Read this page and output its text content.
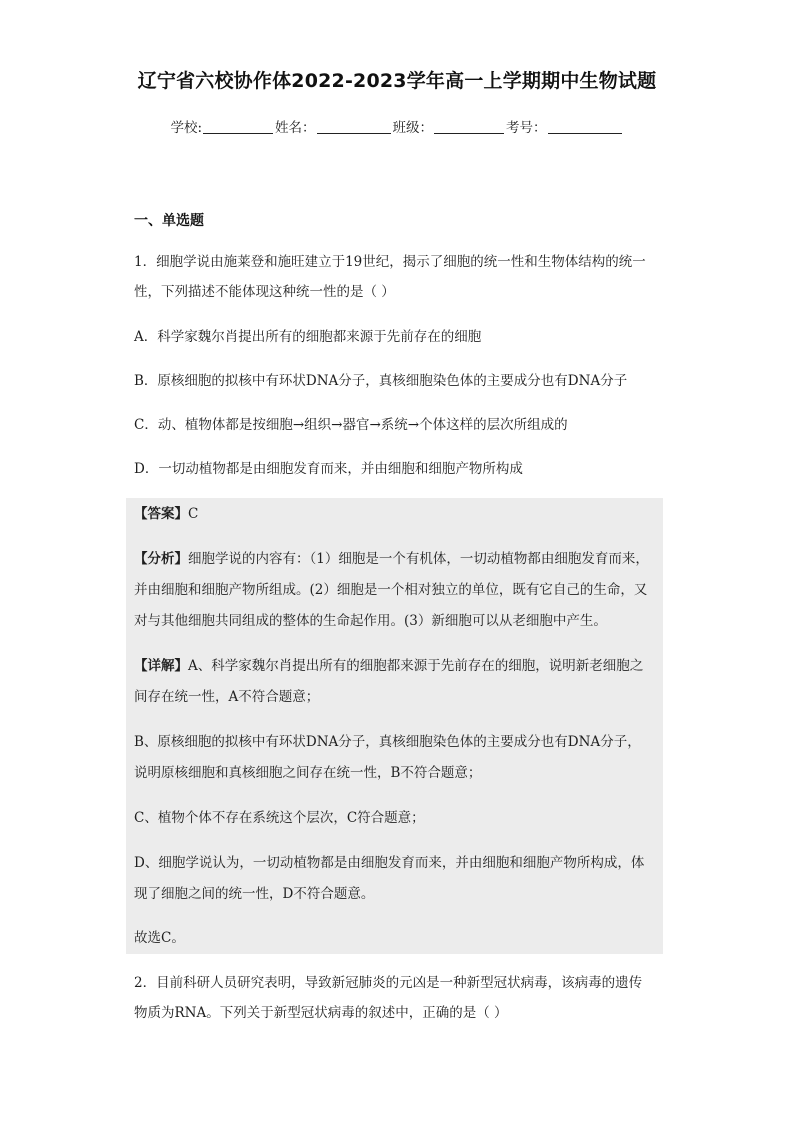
辽宁省六校协作体2022-2023学年高一上学期期中生物试题
学校:	姓名：	班级：	考号：
一、单选题
1．细胞学说由施莱登和施旺建立于19世纪，揭示了细胞的统一性和生物体结构的统一
性，下列描述不能体现这种统一性的是（ ）
A．科学家魏尔肖提出所有的细胞都来源于先前存在的细胞
B．原核细胞的拟核中有环状DNA分子，真核细胞染色体的主要成分也有DNA分子
C．动、植物体都是按细胞→组织→器官→系统→个体这样的层次所组成的
D．一切动植物都是由细胞发育而来，并由细胞和细胞产物所构成
【答案】C
【分析】细胞学说的内容有：（1）细胞是一个有机体，一切动植物都由细胞发育而来，
并由细胞和细胞产物所组成。(2）细胞是一个相对独立的单位，既有它自己的生命，又
对与其他细胞共同组成的整体的生命起作用。(3）新细胞可以从老细胞中产生。
【详解】A、科学家魏尔肖提出所有的细胞都来源于先前存在的细胞，说明新老细胞之
间存在统一性，A不符合题意；
B、原核细胞的拟核中有环状DNA分子，真核细胞染色体的主要成分也有DNA分子，
说明原核细胞和真核细胞之间存在统一性，B不符合题意；
C、植物个体不存在系统这个层次，C符合题意；
D、细胞学说认为，一切动植物都是由细胞发育而来，并由细胞和细胞产物所构成，体
现了细胞之间的统一性，D不符合题意。
故选C。
2．目前科研人员研究表明，导致新冠肺炎的元凶是一种新型冠状病毒，该病毒的遗传
物质为RNA。下列关于新型冠状病毒的叙述中，正确的是（ ）
